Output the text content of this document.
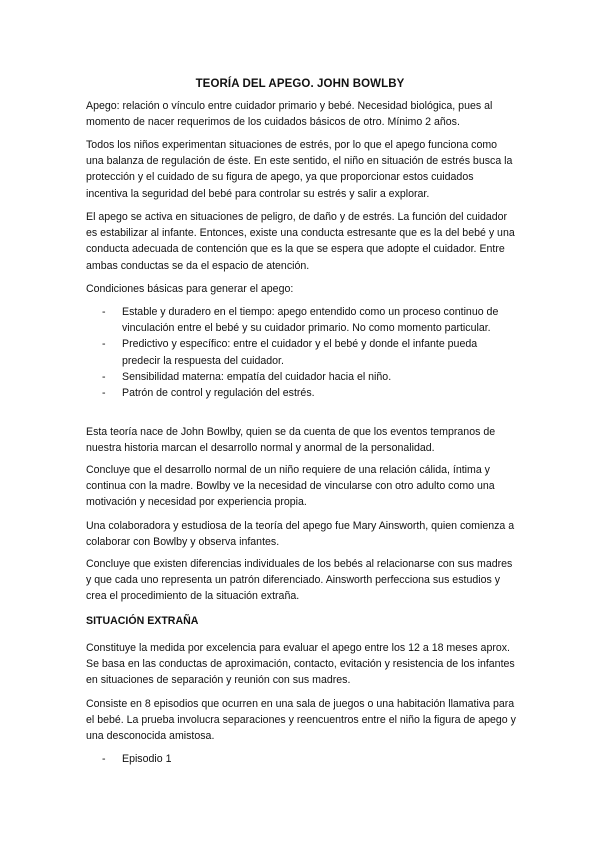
TEORÍA DEL APEGO. JOHN BOWLBY

Apego: relación o vínculo entre cuidador primario y bebé. Necesidad biológica, pues al momento de nacer requerimos de los cuidados básicos de otro. Mínimo 2 años.

Todos los niños experimentan situaciones de estrés, por lo que el apego funciona como una balanza de regulación de éste. En este sentido, el niño en situación de estrés busca la protección y el cuidado de su figura de apego, ya que proporcionar estos cuidados incentiva la seguridad del bebé para controlar su estrés y salir a explorar.

El apego se activa en situaciones de peligro, de daño y de estrés. La función del cuidador es estabilizar al infante. Entonces, existe una conducta estresante que es la del bebé y una conducta adecuada de contención que es la que se espera que adopte el cuidador. Entre ambas conductas se da el espacio de atención.

Condiciones básicas para generar el apego:

- Estable y duradero en el tiempo: apego entendido como un proceso continuo de vinculación entre el bebé y su cuidador primario. No como momento particular.
- Predictivo y específico: entre el cuidador y el bebé y donde el infante pueda predecir la respuesta del cuidador.
- Sensibilidad materna: empatía del cuidador hacia el niño.
- Patrón de control y regulación del estrés.

Esta teoría nace de John Bowlby, quien se da cuenta de que los eventos tempranos de nuestra historia marcan el desarrollo normal y anormal de la personalidad.

Concluye que el desarrollo normal de un niño requiere de una relación cálida, íntima y continua con la madre. Bowlby ve la necesidad de vincularse con otro adulto como una motivación y necesidad por experiencia propia.

Una colaboradora y estudiosa de la teoría del apego fue Mary Ainsworth, quien comienza a colaborar con Bowlby y observa infantes.

Concluye que existen diferencias individuales de los bebés al relacionarse con sus madres y que cada uno representa un patrón diferenciado. Ainsworth perfecciona sus estudios y crea el procedimiento de la situación extraña.

SITUACIÓN EXTRAÑA

Constituye la medida por excelencia para evaluar el apego entre los 12 a 18 meses aprox. Se basa en las conductas de aproximación, contacto, evitación y resistencia de los infantes en situaciones de separación y reunión con sus madres.

Consiste en 8 episodios que ocurren en una sala de juegos o una habitación llamativa para el bebé. La prueba involucra separaciones y reencuentros entre el niño la figura de apego y una desconocida amistosa.

- Episodio 1
